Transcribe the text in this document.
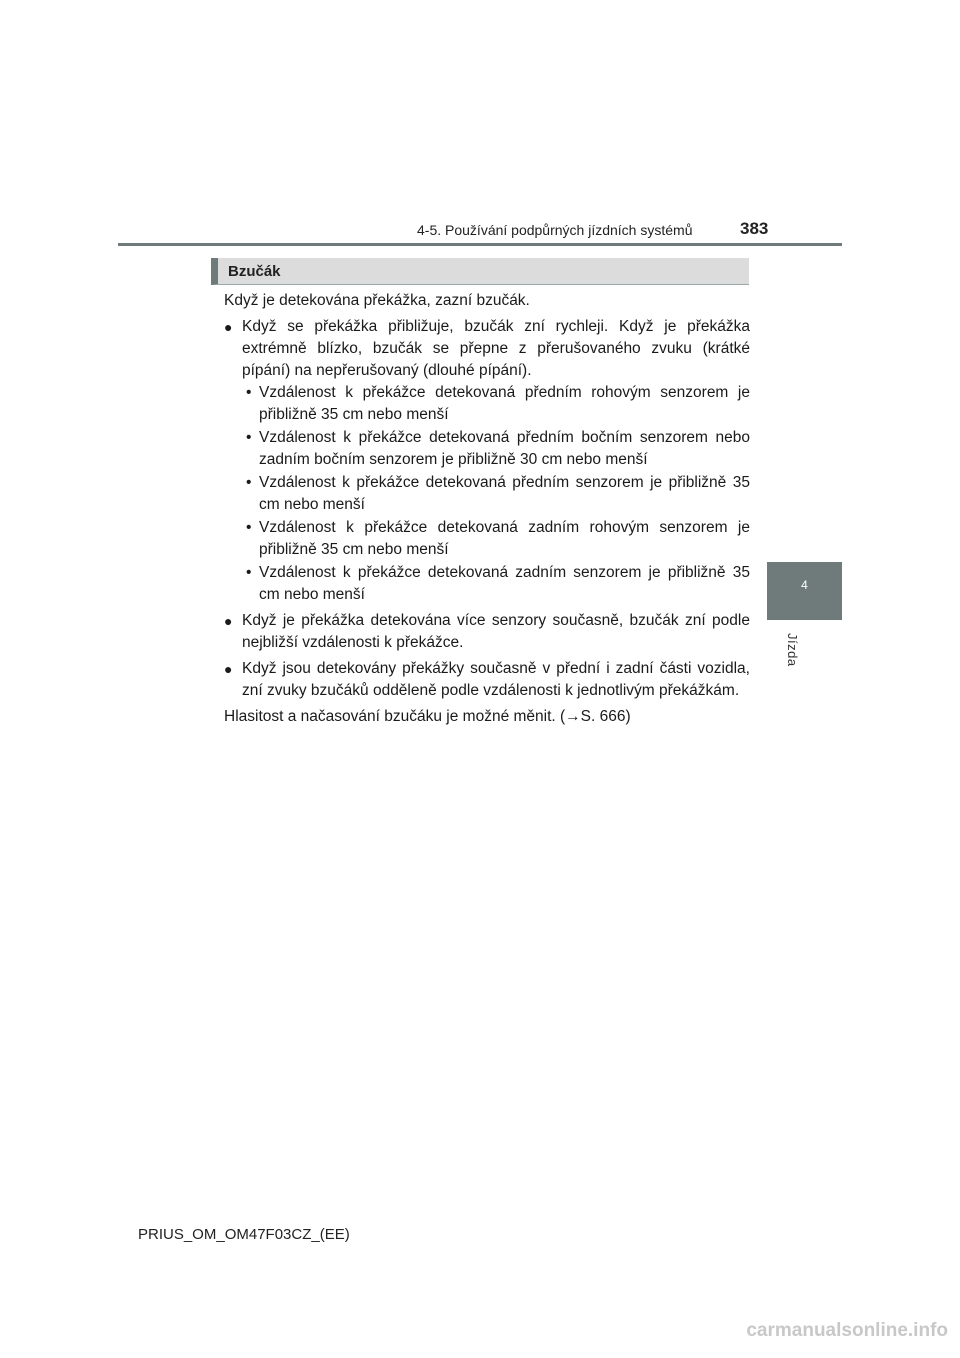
4-5. Používání podpůrných jízdních systémů	383
4
Jízda
Bzučák

Když je detekována překážka, zazní bzučák.

● Když se překážka přibližuje, bzučák zní rychleji. Když je překážka extrémně blízko, bzučák se přepne z přerušovaného zvuku (krátké pípání) na nepřerušovaný (dlouhé pípání).
• Vzdálenost k překážce detekovaná předním rohovým senzorem je přibližně 35 cm nebo menší
• Vzdálenost k překážce detekovaná předním bočním senzorem nebo zadním bočním senzorem je přibližně 30 cm nebo menší
• Vzdálenost k překážce detekovaná předním senzorem je přibližně 35 cm nebo menší
• Vzdálenost k překážce detekovaná zadním rohovým senzorem je přibližně 35 cm nebo menší
• Vzdálenost k překážce detekovaná zadním senzorem je přibližně 35 cm nebo menší
● Když je překážka detekována více senzory současně, bzučák zní podle nejbližší vzdálenosti k překážce.
● Když jsou detekovány překážky současně v přední i zadní části vozidla, zní zvuky bzučáků odděleně podle vzdálenosti k jednotlivým překážkám.

Hlasitost a načasování bzučáku je možné měnit. (→S. 666)

PRIUS_OM_OM47F03CZ_(EE)
carmanualsonline.info
